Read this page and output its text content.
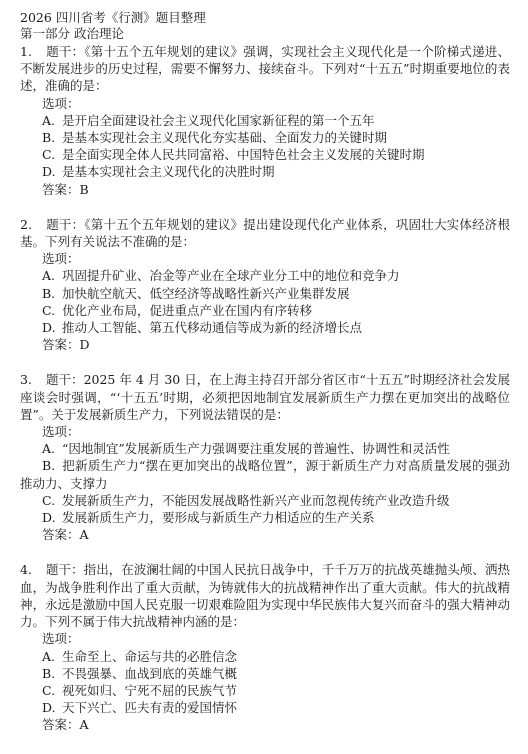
2026 四川省考《行测》题目整理

第一部分 政治理论

1. 题干：《第十五个五年规划的建议》强调，实现社会主义现代化是一个阶梯式递进、不断发展进步的历史过程，需要不懈努力、接续奋斗。下列对“十五五”时期重要地位的表述，准确的是：

选项：

A. 是开启全面建设社会主义现代化国家新征程的第一个五年
B. 是基本实现社会主义现代化夯实基础、全面发力的关键时期
C. 是全面实现全体人民共同富裕、中国特色社会主义发展的关键时期
D. 是基本实现社会主义现代化的决胜时期

答案：B

2. 题干：《第十五个五年规划的建议》提出建设现代化产业体系，巩固壮大实体经济根基。下列有关说法不准确的是：

选项：

A. 巩固提升矿业、冶金等产业在全球产业分工中的地位和竞争力
B. 加快航空航天、低空经济等战略性新兴产业集群发展
C. 优化产业布局，促进重点产业在国内有序转移
D. 推动人工智能、第五代移动通信等成为新的经济增长点

答案：D

3. 题干：2025 年 4 月 30 日，在上海主持召开部分省区市“十五五”时期经济社会发展座谈会时强调，“‘十五五’时期，必须把因地制宜发展新质生产力摆在更加突出的战略位置”。关于发展新质生产力，下列说法错误的是：

选项：

A. “因地制宜”发展新质生产力强调要注重发展的普遍性、协调性和灵活性
B. 把新质生产力“摆在更加突出的战略位置”，源于新质生产力对高质量发展的强劲推动力、支撑力
C. 发展新质生产力，不能因发展战略性新兴产业而忽视传统产业改造升级
D. 发展新质生产力，要形成与新质生产力相适应的生产关系

答案：A

4. 题干：指出，在波澜壮阔的中国人民抗日战争中，千千万万的抗战英雄抛头颅、洒热血，为战争胜利作出了重大贡献，为铸就伟大的抗战精神作出了重大贡献。伟大的抗战精神，永远是激励中国人民克服一切艰难险阻为实现中华民族伟大复兴而奋斗的强大精神动力。下列不属于伟大抗战精神内涵的是：

选项：

A. 生命至上、命运与共的必胜信念
B. 不畏强暴、血战到底的英雄气概
C. 视死如归、宁死不屈的民族气节
D. 天下兴亡、匹夫有责的爱国情怀

答案：A
